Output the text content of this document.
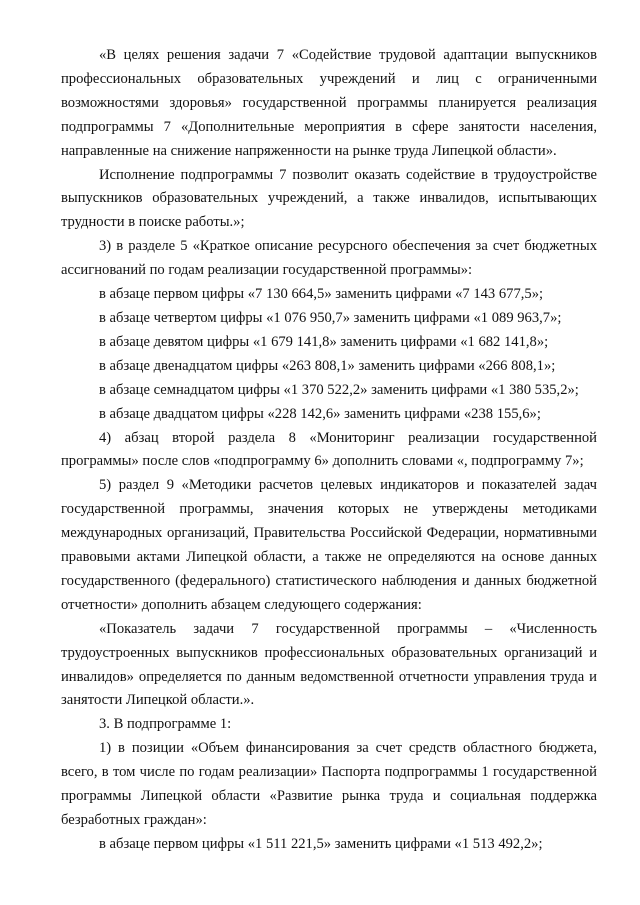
«В целях решения задачи 7 «Содействие трудовой адаптации выпускников профессиональных образовательных учреждений и лиц с ограниченными возможностями здоровья» государственной программы планируется реализация подпрограммы 7 «Дополнительные мероприятия в сфере занятости населения, направленные на снижение напряженности на рынке труда Липецкой области».

Исполнение подпрограммы 7 позволит оказать содействие в трудоустройстве выпускников образовательных учреждений, а также инвалидов, испытывающих трудности в поиске работы.»;

3) в разделе 5 «Краткое описание ресурсного обеспечения за счет бюджетных ассигнований по годам реализации государственной программы»:

в абзаце первом цифры «7 130 664,5» заменить цифрами «7 143 677,5»;

в абзаце четвертом цифры «1 076 950,7» заменить цифрами «1 089 963,7»;

в абзаце девятом цифры «1 679 141,8» заменить цифрами «1 682 141,8»;

в абзаце двенадцатом цифры «263 808,1» заменить цифрами «266 808,1»;

в абзаце семнадцатом цифры «1 370 522,2» заменить цифрами «1 380 535,2»;

в абзаце двадцатом цифры «228 142,6» заменить цифрами «238 155,6»;

4) абзац второй раздела 8 «Мониторинг реализации государственной программы» после слов «подпрограмму 6» дополнить словами «, подпрограмму 7»;

5) раздел 9 «Методики расчетов целевых индикаторов и показателей задач государственной программы, значения которых не утверждены методиками международных организаций, Правительства Российской Федерации, нормативными правовыми актами Липецкой области, а также не определяются на основе данных государственного (федерального) статистического наблюдения и данных бюджетной отчетности» дополнить абзацем следующего содержания:

«Показатель задачи 7 государственной программы – «Численность трудоустроенных выпускников профессиональных образовательных организаций и инвалидов» определяется по данным ведомственной отчетности управления труда и занятости Липецкой области.».

3. В подпрограмме 1:

1) в позиции «Объем финансирования за счет средств областного бюджета, всего, в том числе по годам реализации» Паспорта подпрограммы 1 государственной программы Липецкой области «Развитие рынка труда и социальная поддержка безработных граждан»:

в абзаце первом цифры «1 511 221,5» заменить цифрами «1 513 492,2»;
